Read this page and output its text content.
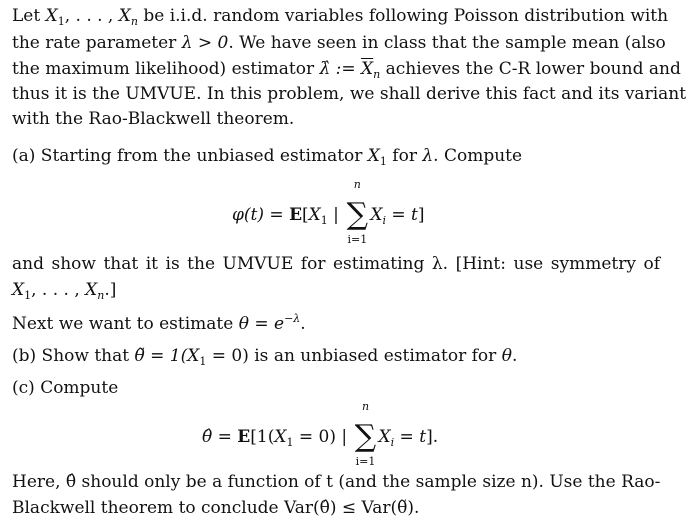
Let $X_1$, . . . , $X_n$ be i.i.d. random variables following Poisson distribution with
the rate parameter λ > 0. We have seen in class that the sample mean (also
the maximum likelihood) estimator λ̂ := $\overline{X}_n$ achieves the C-R lower bound and
thus it is the UMVUE. In this problem, we shall derive this fact and its variant
with the Rao-Blackwell theorem.
(a) Starting from the unbiased estimator $X_1$ for λ. Compute
$\varphi(t) = E[X_1$ |
n
∑
i=1
$X_i = t$]
and show that it is the UMVUE for estimating λ. [Hint: use symmetry of
$X_1$, . . . , $X_n$.]
Next we want to estimate $\theta = e^{-\lambda}$.
(b) Show that θ̃ = $1(X_1 = 0)$ is an unbiased estimator for θ.
(c) Compute
θ̂ = $E[1(X_1 = 0)$ |
n
∑
i=1
$X_i = t$].
Here, θ̂ should only be a function of t (and the sample size n). Use the Rao-
Blackwell theorem to conclude Var(θ̂) ≤ Var(θ̃).
